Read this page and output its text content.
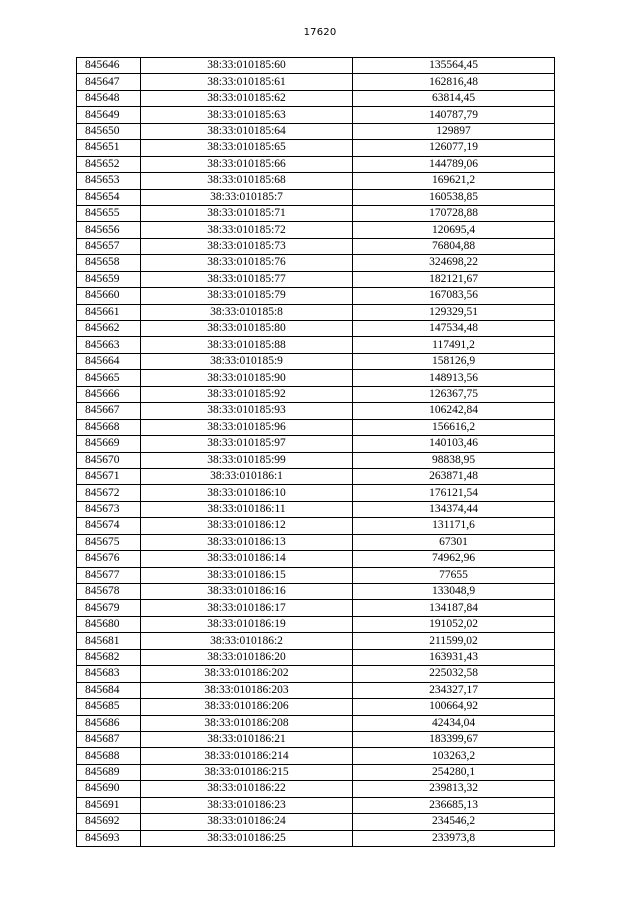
17620
845646	38:33:010185:60	135564,45
845647	38:33:010185:61	162816,48
845648	38:33:010185:62	63814,45
845649	38:33:010185:63	140787,79
845650	38:33:010185:64	129897
845651	38:33:010185:65	126077,19
845652	38:33:010185:66	144789,06
845653	38:33:010185:68	169621,2
845654	38:33:010185:7	160538,85
845655	38:33:010185:71	170728,88
845656	38:33:010185:72	120695,4
845657	38:33:010185:73	76804,88
845658	38:33:010185:76	324698,22
845659	38:33:010185:77	182121,67
845660	38:33:010185:79	167083,56
845661	38:33:010185:8	129329,51
845662	38:33:010185:80	147534,48
845663	38:33:010185:88	117491,2
845664	38:33:010185:9	158126,9
845665	38:33:010185:90	148913,56
845666	38:33:010185:92	126367,75
845667	38:33:010185:93	106242,84
845668	38:33:010185:96	156616,2
845669	38:33:010185:97	140103,46
845670	38:33:010185:99	98838,95
845671	38:33:010186:1	263871,48
845672	38:33:010186:10	176121,54
845673	38:33:010186:11	134374,44
845674	38:33:010186:12	131171,6
845675	38:33:010186:13	67301
845676	38:33:010186:14	74962,96
845677	38:33:010186:15	77655
845678	38:33:010186:16	133048,9
845679	38:33:010186:17	134187,84
845680	38:33:010186:19	191052,02
845681	38:33:010186:2	211599,02
845682	38:33:010186:20	163931,43
845683	38:33:010186:202	225032,58
845684	38:33:010186:203	234327,17
845685	38:33:010186:206	100664,92
845686	38:33:010186:208	42434,04
845687	38:33:010186:21	183399,67
845688	38:33:010186:214	103263,2
845689	38:33:010186:215	254280,1
845690	38:33:010186:22	239813,32
845691	38:33:010186:23	236685,13
845692	38:33:010186:24	234546,2
845693	38:33:010186:25	233973,8
